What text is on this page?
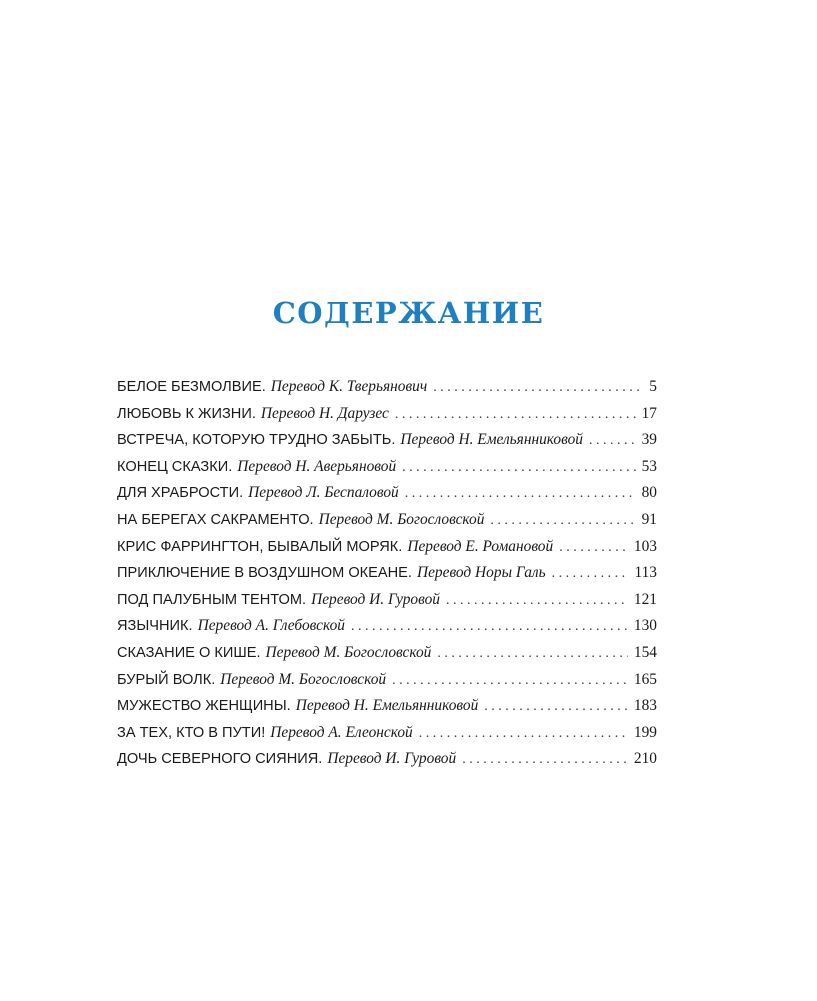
СОДЕРЖАНИЕ
БЕЛОЕ БЕЗМОЛВИЕ. Перевод К. Тверьянович . . .	5
ЛЮБОВЬ К ЖИЗНИ. Перевод Н. Дарузес . . .	17
ВСТРЕЧА, КОТОРУЮ ТРУДНО ЗАБЫТЬ. Перевод Н. Емельянниковой . . .	39
КОНЕЦ СКАЗКИ. Перевод Н. Аверьяновой . . .	53
ДЛЯ ХРАБРОСТИ. Перевод Л. Беспаловой . . .	80
НА БЕРЕГАХ САКРАМЕНТО. Перевод М. Богословской . . .	91
КРИС ФАРРИНГТОН, БЫВАЛЫЙ МОРЯК. Перевод Е. Романовой . . .	103
ПРИКЛЮЧЕНИЕ В ВОЗДУШНОМ ОКЕАНЕ. Перевод Норы Галь . . .	113
ПОД ПАЛУБНЫМ ТЕНТОМ. Перевод И. Гуровой . . .	121
ЯЗЫЧНИК. Перевод А. Глебовской . . .	130
СКАЗАНИЕ О КИШЕ. Перевод М. Богословской . . .	154
БУРЫЙ ВОЛК. Перевод М. Богословской . . .	165
МУЖЕСТВО ЖЕНЩИНЫ. Перевод Н. Емельянниковой . . .	183
ЗА ТЕХ, КТО В ПУТИ! Перевод А. Елеонской . . .	199
ДОЧЬ СЕВЕРНОГО СИЯНИЯ. Перевод И. Гуровой . . .	210
